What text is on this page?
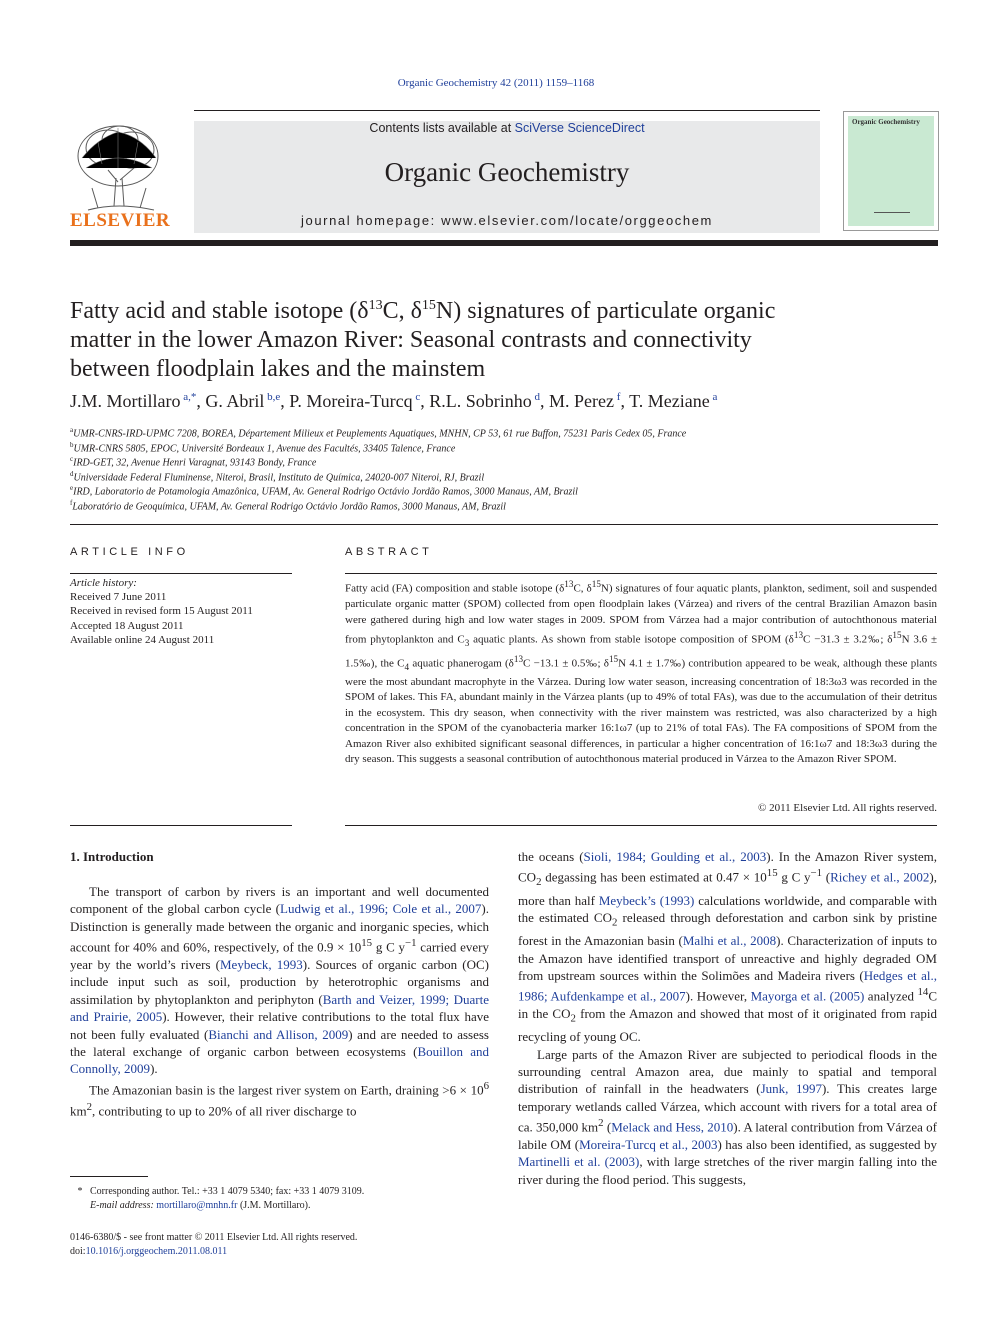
Organic Geochemistry 42 (2011) 1159–1168
ELSEVIER
Contents lists available at SciVerse ScienceDirect
Organic Geochemistry
journal homepage: www.elsevier.com/locate/orggeochem
Organic Geochemistry
Fatty acid and stable isotope ($\delta^{13}C$, $\delta^{15}N$) signatures of particulate organic
matter in the lower Amazon River: Seasonal contrasts and connectivity
between floodplain lakes and the mainstem
J.M. Mortillaro $^{a,*}$, G. Abril $^{b,e}$, P. Moreira-Turcq $^c$, R.L. Sobrinho $^d$, M. Perez $^f$, T. Meziane $^a$
$^a$UMR-CNRS-IRD-UPMC 7208, BOREA, Département Milieux et Peuplements Aquatiques, MNHN, CP 53, 61 rue Buffon, 75231 Paris Cedex 05, France
$^b$UMR-CNRS 5805, EPOC, Université Bordeaux 1, Avenue des Facultés, 33405 Talence, France
$^c$IRD-GET, 32, Avenue Henri Varagnat, 93143 Bondy, France
$^d$Universidade Federal Fluminense, Niteroi, Brasil, Instituto de Química, 24020-007 Niteroi, RJ, Brazil
$^e$IRD, Laboratorio de Potamologia Amazônica, UFAM, Av. General Rodrigo Octávio Jordão Ramos, 3000 Manaus, AM, Brazil
$^f$Laboratório de Geoquímica, UFAM, Av. General Rodrigo Octávio Jordão Ramos, 3000 Manaus, AM, Brazil
ARTICLE INFO
Article history:
Received 7 June 2011
Received in revised form 15 August 2011
Accepted 18 August 2011
Available online 24 August 2011
ABSTRACT
Fatty acid (FA) composition and stable isotope ($\delta^{13}C$, $\delta^{15}N$) signatures of four aquatic plants, plankton, sediment, soil and suspended particulate organic matter (SPOM) collected from open floodplain lakes (Várzea) and rivers of the central Brazilian Amazon basin were gathered during high and low water stages in 2009. SPOM from Várzea had a major contribution of autochthonous material from phytoplankton and $C_3$ aquatic plants. As shown from stable isotope composition of SPOM ($\delta^{13}C -31.3$ ± 3.2‰; $\delta^{15}N$ 3.6 ± 1.5‰), the $C_4$ aquatic phanerogam ($\delta^{13}C -13.1$ ± 0.5‰; $\delta^{15}N$ 4.1 ± 1.7‰) contribution appeared to be weak, although these plants were the most abundant macrophyte in the Várzea. During low water season, increasing concentration of 18:3ω3 was recorded in the SPOM of lakes. This FA, abundant mainly in the Várzea plants (up to 49% of total FAs), was due to the accumulation of their detritus in the ecosystem. This dry season, when connectivity with the river mainstem was restricted, was also characterized by a high concentration in the SPOM of the cyanobacteria marker 16:1ω7 (up to 21% of total FAs). The FA compositions of SPOM from the Amazon River also exhibited significant seasonal differences, in particular a higher concentration of 16:1ω7 and 18:3ω3 during the dry season. This suggests a seasonal contribution of autochthonous material produced in Várzea to the Amazon River SPOM.
© 2011 Elsevier Ltd. All rights reserved.
1. Introduction

The transport of carbon by rivers is an important and well documented component of the global carbon cycle (Ludwig et al., 1996; Cole et al., 2007). Distinction is generally made between the organic and inorganic species, which account for 40% and 60%, respectively, of the $0.9 \times 10^{15}$ g C $y^{-1}$ carried every year by the world’s rivers (Meybeck, 1993). Sources of organic carbon (OC) include input such as soil, production by heterotrophic organisms and assimilation by phytoplankton and periphyton (Barth and Veizer, 1999; Duarte and Prairie, 2005). However, their relative contributions to the total flux have not been fully evaluated (Bianchi and Allison, 2009) and are needed to assess the lateral exchange of organic carbon between ecosystems (Bouillon and Connolly, 2009).

The Amazonian basin is the largest river system on Earth, draining $>6 \times 10^6$ $km^2$, contributing to up to 20% of all river discharge to

the oceans (Sioli, 1984; Goulding et al., 2003). In the Amazon River system, $CO_2$ degassing has been estimated at $0.47 \times 10^{15}$ g C $y^{-1}$ (Richey et al., 2002), more than half Meybeck’s (1993) calculations worldwide, and comparable with the estimated $CO_2$ released through deforestation and carbon sink by pristine forest in the Amazonian basin (Malhi et al., 2008). Characterization of inputs to the Amazon have identified transport of unreactive and highly degraded OM from upstream sources within the Solimões and Madeira rivers (Hedges et al., 1986; Aufdenkampe et al., 2007). However, Mayorga et al. (2005) analyzed $^{14}$C in the $CO_2$ from the Amazon and showed that most of it originated from rapid recycling of young OC.

Large parts of the Amazon River are subjected to periodical floods in the surrounding central Amazon area, due mainly to spatial and temporal distribution of rainfall in the headwaters (Junk, 1997). This creates large temporary wetlands called Várzea, which account with rivers for a total area of ca. 350,000 $km^2$ (Melack and Hess, 2010). A lateral contribution from Várzea of labile OM (Moreira-Turcq et al., 2003) has also been identified, as suggested by Martinelli et al. (2003), with large stretches of the river margin falling into the river during the flood period. This suggests,

* Corresponding author. Tel.: +33 1 4079 5340; fax: +33 1 4079 3109.
E-mail address: mortillaro@mnhn.fr (J.M. Mortillaro).
0146-6380/$ - see front matter © 2011 Elsevier Ltd. All rights reserved.
doi:10.1016/j.orggeochem.2011.08.011
